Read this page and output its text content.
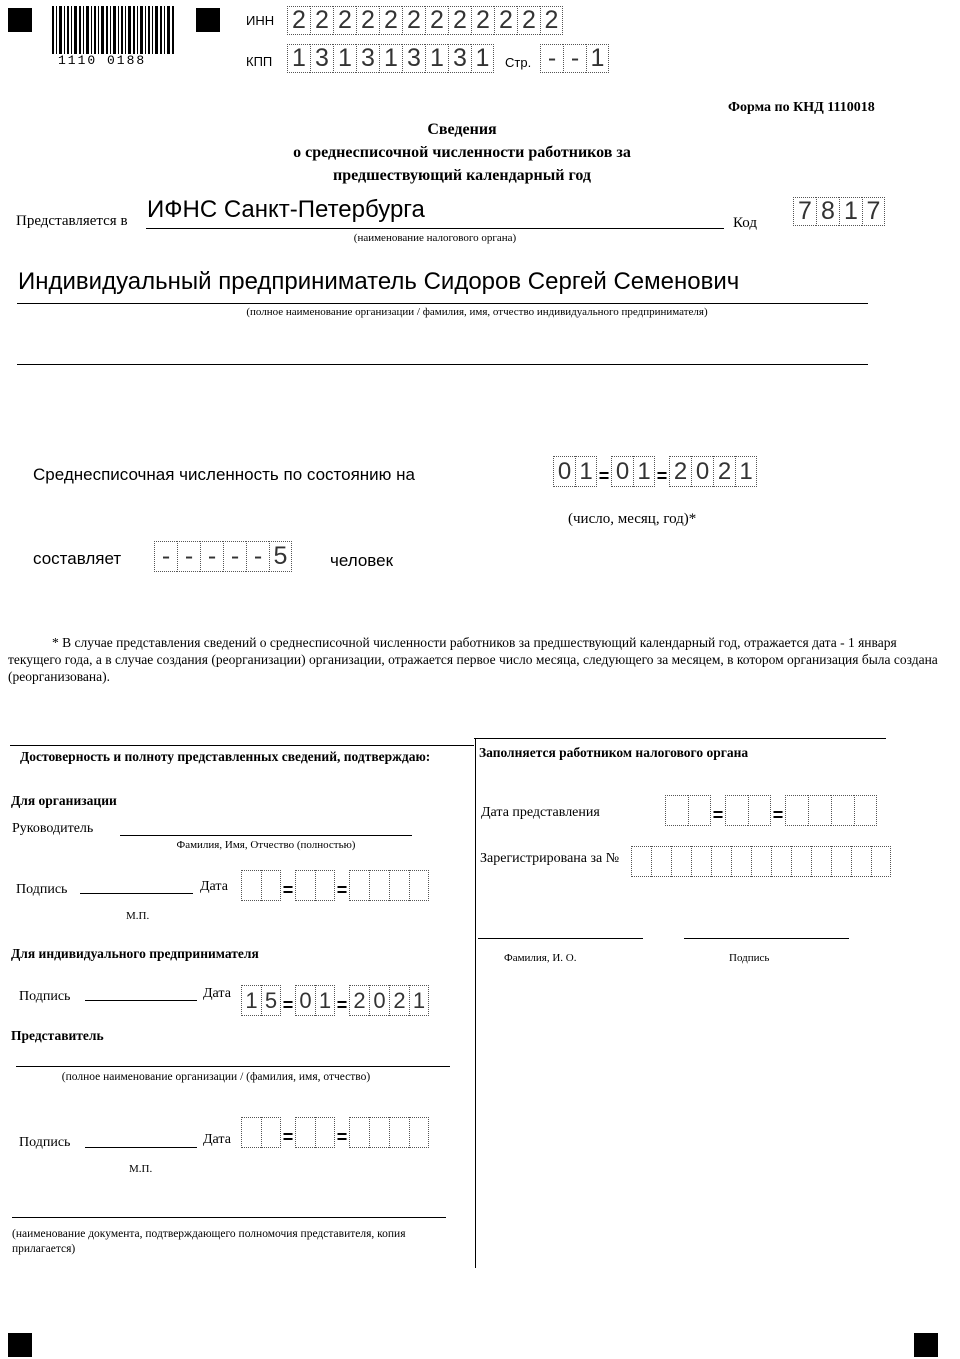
1110 0188
ИНН 2 2 2 2 2 2 2 2 2 2 2 2
КПП 1 3 1 3 1 3 1 3 1	Стр. - - 1
Форма по КНД 1110018
Сведения
о среднесписочной численности работников за
предшествующий календарный год
Представляется в ИФНС Санкт-Петербурга
(наименование налогового органа)
Код 7 8 1 7
Индивидуальный предприниматель Сидоров Сергей Семенович
(полное наименование организации / фамилия, имя, отчество индивидуального предпринимателя)
Среднесписочная численность по состоянию на	0 1 = 0 1 = 2 0 2 1
(число, месяц, год)*
составляет	- - - - - 5	человек
* В случае представления сведений о среднесписочной численности работников за предшествующий календарный год, отражается дата - 1 января текущего года, а в случае создания (реорганизации) организации, отражается первое число месяца, следующего за месяцем, в котором организация была создана (реорганизована).
Достоверность и полноту представленных сведений, подтверждаю:
Для организации
Руководитель
Фамилия, Имя, Отчество (полностью)
Подпись	Дата	= =
М.П.
Для индивидуального предпринимателя
Подпись	Дата 1 5 = 0 1 = 2 0 2 1
Представитель
(полное наименование организации / (фамилия, имя, отчество)
Подпись	Дата	= =
М.П.
(наименование документа, подтверждающего полномочия представителя, копия прилагается)
Заполняется работником налогового органа
Дата представления	=	=
Зарегистрирована за №
Фамилия, И. О.	Подпись
